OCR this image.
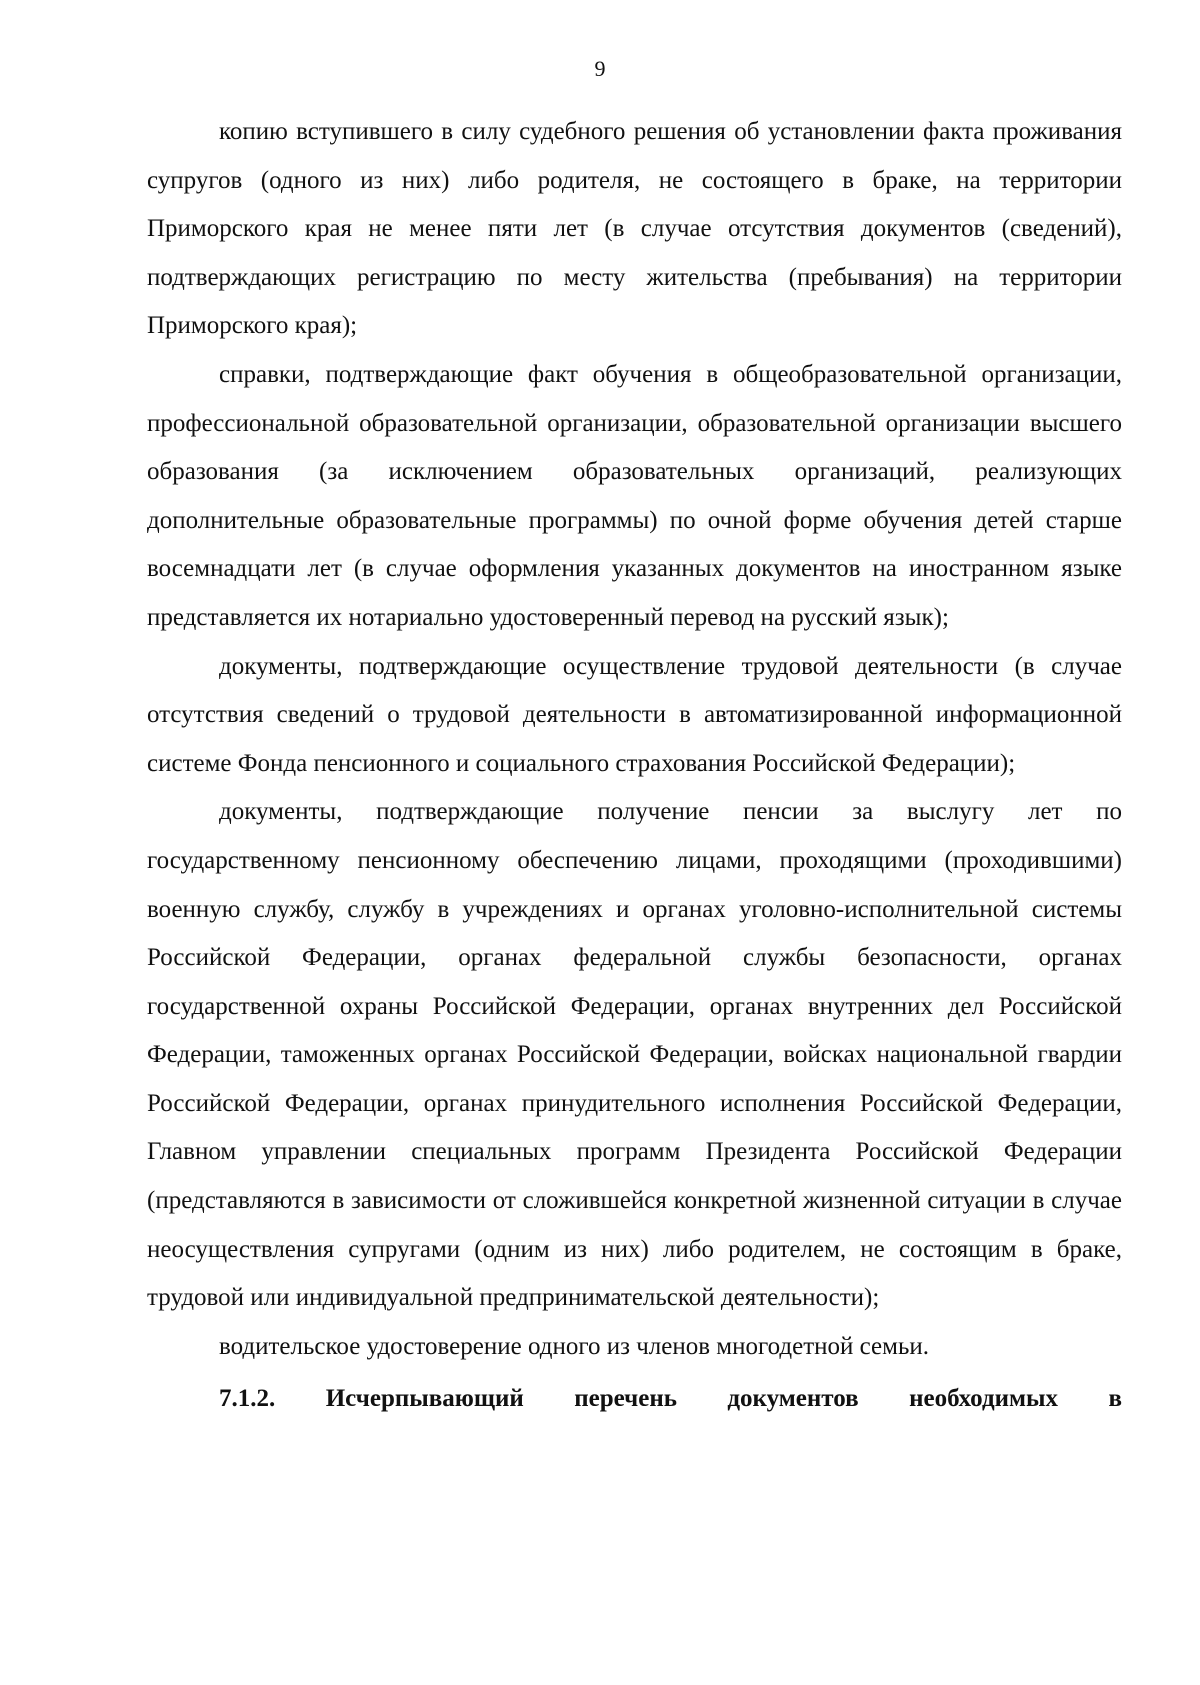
9

копию вступившего в силу судебного решения об установлении факта проживания супругов (одного из них) либо родителя, не состоящего в браке, на территории Приморского края не менее пяти лет (в случае отсутствия документов (сведений), подтверждающих регистрацию по месту жительства (пребывания) на территории Приморского края);

справки, подтверждающие факт обучения в общеобразовательной организации, профессиональной образовательной организации, образовательной организации высшего образования (за исключением образовательных организаций, реализующих дополнительные образовательные программы) по очной форме обучения детей старше восемнадцати лет (в случае оформления указанных документов на иностранном языке представляется их нотариально удостоверенный перевод на русский язык);

документы, подтверждающие осуществление трудовой деятельности (в случае отсутствия сведений о трудовой деятельности в автоматизированной информационной системе Фонда пенсионного и социального страхования Российской Федерации);

документы, подтверждающие получение пенсии за выслугу лет по государственному пенсионному обеспечению лицами, проходящими (проходившими) военную службу, службу в учреждениях и органах уголовно-исполнительной системы Российской Федерации, органах федеральной службы безопасности, органах государственной охраны Российской Федерации, органах внутренних дел Российской Федерации, таможенных органах Российской Федерации, войсках национальной гвардии Российской Федерации, органах принудительного исполнения Российской Федерации, Главном управлении специальных программ Президента Российской Федерации (представляются в зависимости от сложившейся конкретной жизненной ситуации в случае неосуществления супругами (одним из них) либо родителем, не состоящим в браке, трудовой или индивидуальной предпринимательской деятельности);

водительское удостоверение одного из членов многодетной семьи.

7.1.2. Исчерпывающий перечень документов необходимых в
